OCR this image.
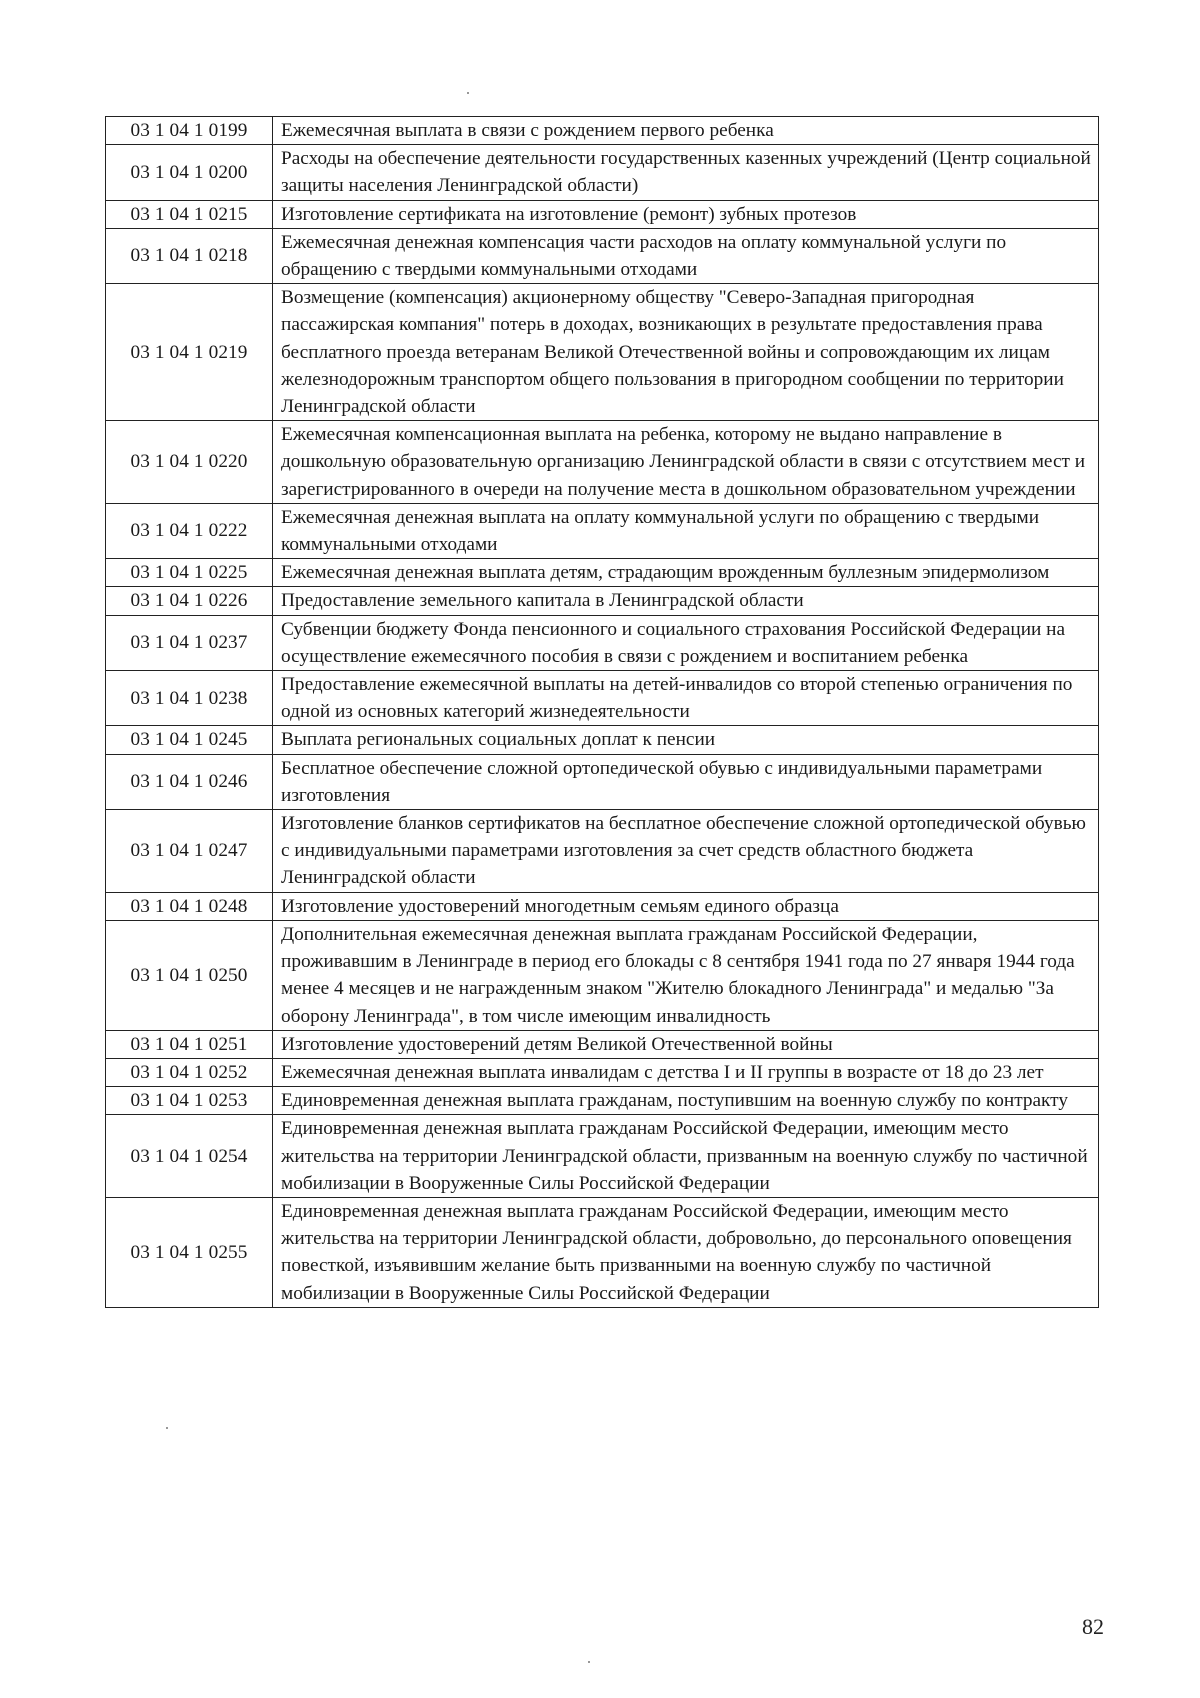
03 1 04 1 0199	Ежемесячная выплата в связи с рождением первого ребенка
03 1 04 1 0200	Расходы на обеспечение деятельности государственных казенных учреждений (Центр социальной защиты населения Ленинградской области)
03 1 04 1 0215	Изготовление сертификата на изготовление (ремонт) зубных протезов
03 1 04 1 0218	Ежемесячная денежная компенсация части расходов на оплату коммунальной услуги по обращению с твердыми коммунальными отходами
03 1 04 1 0219	Возмещение (компенсация) акционерному обществу "Северо-Западная пригородная пассажирская компания" потерь в доходах, возникающих в результате предоставления права бесплатного проезда ветеранам Великой Отечественной войны и сопровождающим их лицам железнодорожным транспортом общего пользования в пригородном сообщении по территории Ленинградской области
03 1 04 1 0220	Ежемесячная компенсационная выплата на ребенка, которому не выдано направление в дошкольную образовательную организацию Ленинградской области в связи с отсутствием мест и зарегистрированного в очереди на получение места в дошкольном образовательном учреждении
03 1 04 1 0222	Ежемесячная денежная выплата на оплату коммунальной услуги по обращению с твердыми коммунальными отходами
03 1 04 1 0225	Ежемесячная денежная выплата детям, страдающим врожденным буллезным эпидермолизом
03 1 04 1 0226	Предоставление земельного капитала в Ленинградской области
03 1 04 1 0237	Субвенции бюджету Фонда пенсионного и социального страхования Российской Федерации на осуществление ежемесячного пособия в связи с рождением и воспитанием ребенка
03 1 04 1 0238	Предоставление ежемесячной выплаты на детей-инвалидов со второй степенью ограничения по одной из основных категорий жизнедеятельности
03 1 04 1 0245	Выплата региональных социальных доплат к пенсии
03 1 04 1 0246	Бесплатное обеспечение сложной ортопедической обувью с индивидуальными параметрами изготовления
03 1 04 1 0247	Изготовление бланков сертификатов на бесплатное обеспечение сложной ортопедической обувью с индивидуальными параметрами изготовления за счет средств областного бюджета Ленинградской области
03 1 04 1 0248	Изготовление удостоверений многодетным семьям единого образца
03 1 04 1 0250	Дополнительная ежемесячная денежная выплата гражданам Российской Федерации, проживавшим в Ленинграде в период его блокады с 8 сентября 1941 года по 27 января 1944 года менее 4 месяцев и не награжденным знаком "Жителю блокадного Ленинграда" и медалью "За оборону Ленинграда", в том числе имеющим инвалидность
03 1 04 1 0251	Изготовление удостоверений детям Великой Отечественной войны
03 1 04 1 0252	Ежемесячная денежная выплата инвалидам с детства I и II группы в возрасте от 18 до 23 лет
03 1 04 1 0253	Единовременная денежная выплата гражданам, поступившим на военную службу по контракту
03 1 04 1 0254	Единовременная денежная выплата гражданам Российской Федерации, имеющим место жительства на территории Ленинградской области, призванным на военную службу по частичной мобилизации в Вооруженные Силы Российской Федерации
03 1 04 1 0255	Единовременная денежная выплата гражданам Российской Федерации, имеющим место жительства на территории Ленинградской области, добровольно, до персонального оповещения повесткой, изъявившим желание быть призванными на военную службу по частичной мобилизации в Вооруженные Силы Российской Федерации
82
